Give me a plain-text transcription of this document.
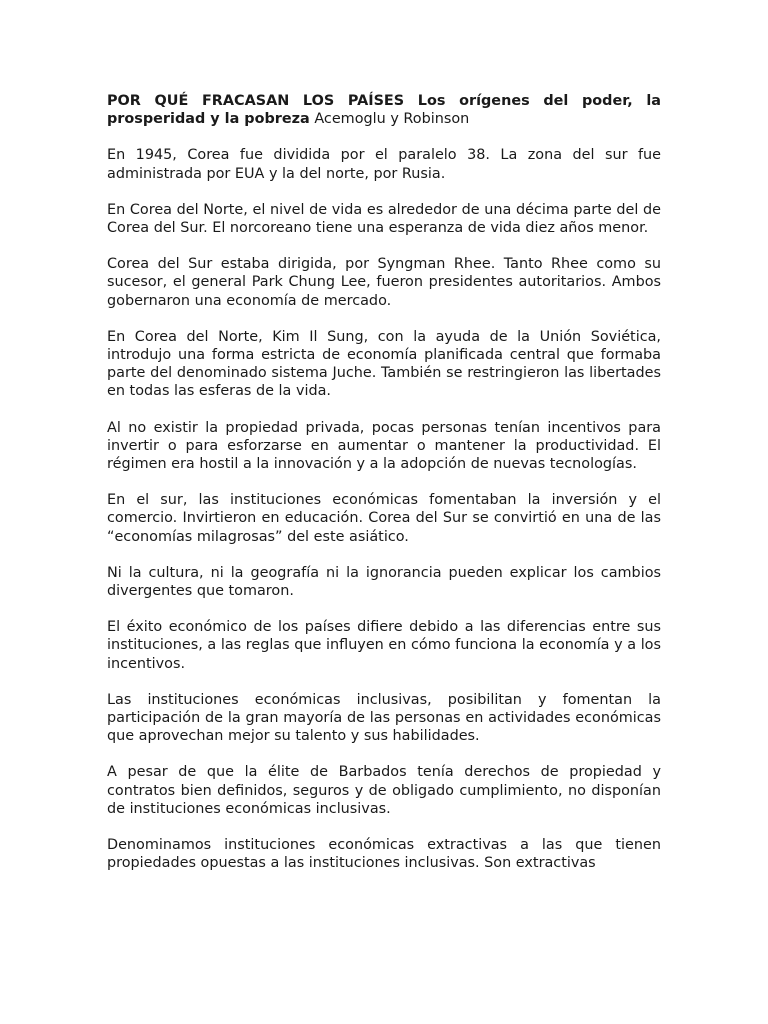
POR QUÉ FRACASAN LOS PAÍSES Los orígenes del poder, la prosperidad y la pobreza Acemoglu y Robinson

En 1945, Corea fue dividida por el paralelo 38. La zona del sur fue administrada por EUA y la del norte, por Rusia.

En Corea del Norte, el nivel de vida es alrededor de una décima parte del de Corea del Sur. El norcoreano tiene una esperanza de vida diez años menor.

Corea del Sur estaba dirigida, por Syngman Rhee. Tanto Rhee como su sucesor, el general Park Chung Lee, fueron presidentes autoritarios. Ambos gobernaron una economía de mercado.

En Corea del Norte, Kim Il Sung, con la ayuda de la Unión Soviética, introdujo una forma estricta de economía planificada central que formaba parte del denominado sistema Juche. También se restringieron las libertades en todas las esferas de la vida.

Al no existir la propiedad privada, pocas personas tenían incentivos para invertir o para esforzarse en aumentar o mantener la productividad. El régimen era hostil a la innovación y a la adopción de nuevas tecnologías.

En el sur, las instituciones económicas fomentaban la inversión y el comercio. Invirtieron en educación. Corea del Sur se convirtió en una de las “economías milagrosas” del este asiático.

Ni la cultura, ni la geografía ni la ignorancia pueden explicar los cambios divergentes que tomaron.

El éxito económico de los países difiere debido a las diferencias entre sus instituciones, a las reglas que influyen en cómo funciona la economía y a los incentivos.

Las instituciones económicas inclusivas, posibilitan y fomentan la participación de la gran mayoría de las personas en actividades económicas que aprovechan mejor su talento y sus habilidades.

A pesar de que la élite de Barbados tenía derechos de propiedad y contratos bien definidos, seguros y de obligado cumplimiento, no disponían de instituciones económicas inclusivas.

Denominamos instituciones económicas extractivas a las que tienen propiedades opuestas a las instituciones inclusivas. Son extractivas
